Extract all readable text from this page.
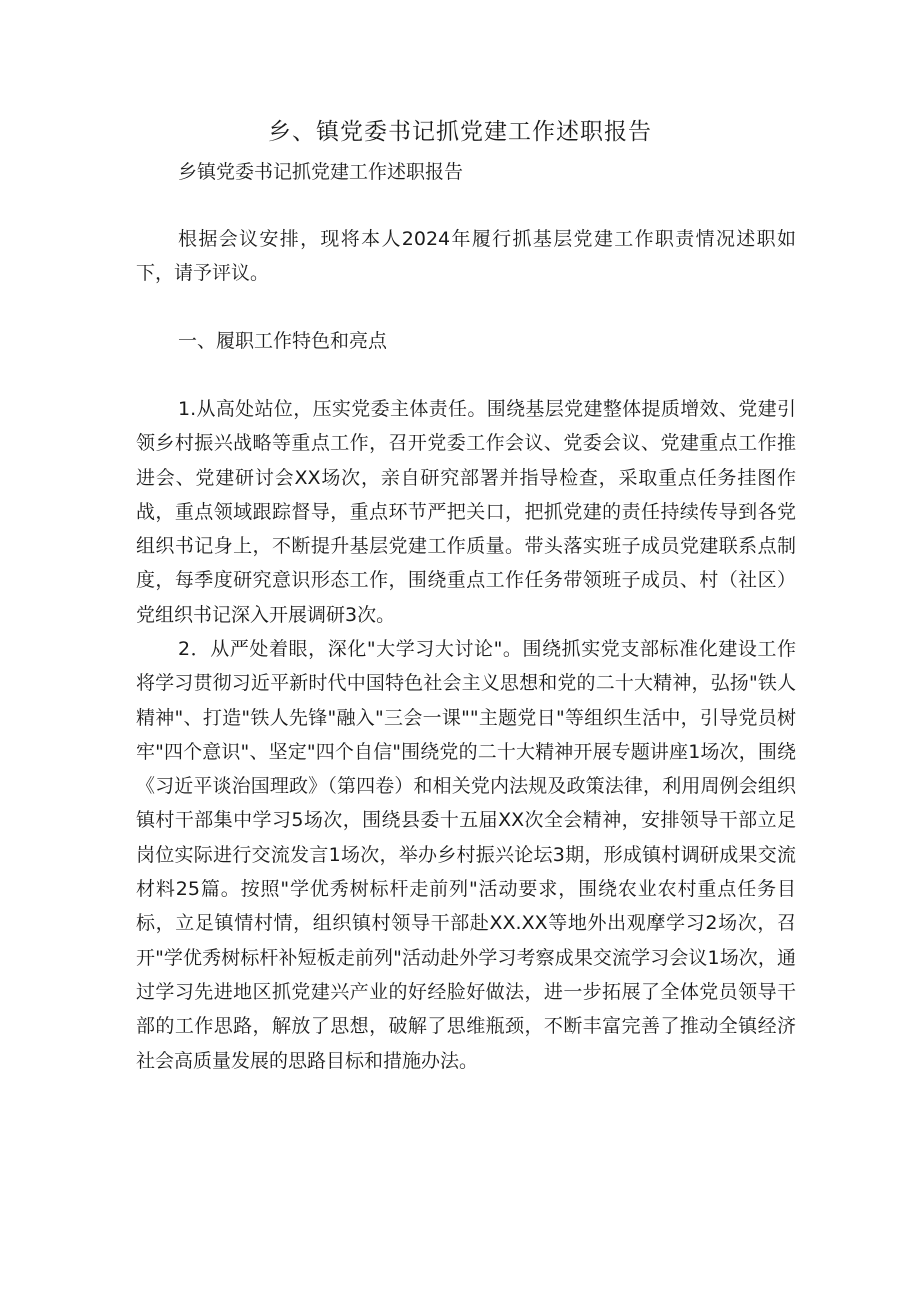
乡、镇党委书记抓党建工作述职报告
乡镇党委书记抓党建工作述职报告

根据会议安排，现将本人2024年履行抓基层党建工作职责情况述职如下，请予评议。

一、履职工作特色和亮点

1.从高处站位，压实党委主体责任。围绕基层党建整体提质增效、党建引领乡村振兴战略等重点工作，召开党委工作会议、党委会议、党建重点工作推进会、党建研讨会XX场次，亲自研究部署并指导检查，采取重点任务挂图作战，重点领域跟踪督导，重点环节严把关口，把抓党建的责任持续传导到各党组织书记身上，不断提升基层党建工作质量。带头落实班子成员党建联系点制度，每季度研究意识形态工作，围绕重点工作任务带领班子成员、村（社区）党组织书记深入开展调研3次。

2．从严处着眼，深化"大学习大讨论"。围绕抓实党支部标准化建设工作将学习贯彻习近平新时代中国特色社会主义思想和党的二十大精神，弘扬"铁人精神"、打造"铁人先锋"融入"三会一课""主题党日"等组织生活中，引导党员树牢"四个意识"、坚定"四个自信"围绕党的二十大精神开展专题讲座1场次，围绕《习近平谈治国理政》（第四卷）和相关党内法规及政策法律，利用周例会组织镇村干部集中学习5场次，围绕县委十五届XX次全会精神，安排领导干部立足岗位实际进行交流发言1场次，举办乡村振兴论坛3期，形成镇村调研成果交流材料25篇。按照"学优秀树标杆走前列"活动要求，围绕农业农村重点任务目标，立足镇情村情，组织镇村领导干部赴XX.XX等地外出观摩学习2场次，召开"学优秀树标杆补短板走前列"活动赴外学习考察成果交流学习会议1场次，通过学习先进地区抓党建兴产业的好经脸好做法，进一步拓展了全体党员领导干部的工作思路，解放了思想，破解了思维瓶颈，不断丰富完善了推动全镇经济社会高质量发展的思路目标和措施办法。
